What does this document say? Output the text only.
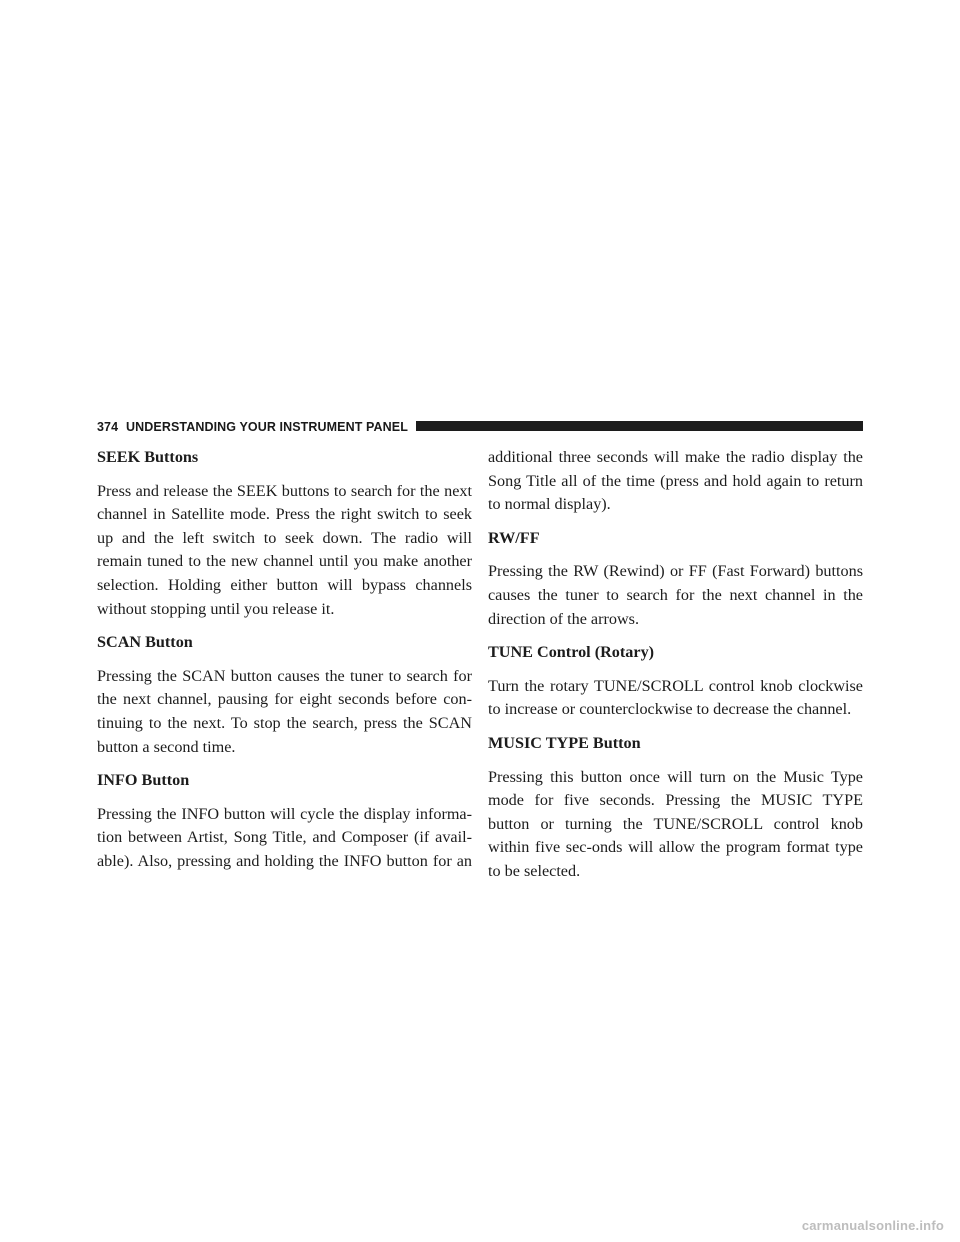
374 UNDERSTANDING YOUR INSTRUMENT PANEL
SEEK Buttons
Press and release the SEEK buttons to search for the next channel in Satellite mode. Press the right switch to seek up and the left switch to seek down. The radio will remain tuned to the new channel until you make another selection. Holding either button will bypass channels without stopping until you release it.
SCAN Button
Pressing the SCAN button causes the tuner to search for the next channel, pausing for eight seconds before con-tinuing to the next. To stop the search, press the SCAN button a second time.
INFO Button
Pressing the INFO button will cycle the display informa-tion between Artist, Song Title, and Composer (if avail-able). Also, pressing and holding the INFO button for an
additional three seconds will make the radio display the Song Title all of the time (press and hold again to return to normal display).
RW/FF
Pressing the RW (Rewind) or FF (Fast Forward) buttons causes the tuner to search for the next channel in the direction of the arrows.
TUNE Control (Rotary)
Turn the rotary TUNE/SCROLL control knob clockwise to increase or counterclockwise to decrease the channel.
MUSIC TYPE Button
Pressing this button once will turn on the Music Type mode for five seconds. Pressing the MUSIC TYPE button or turning the TUNE/SCROLL control knob within five sec-onds will allow the program format type to be selected.
carmanualsonline.info
